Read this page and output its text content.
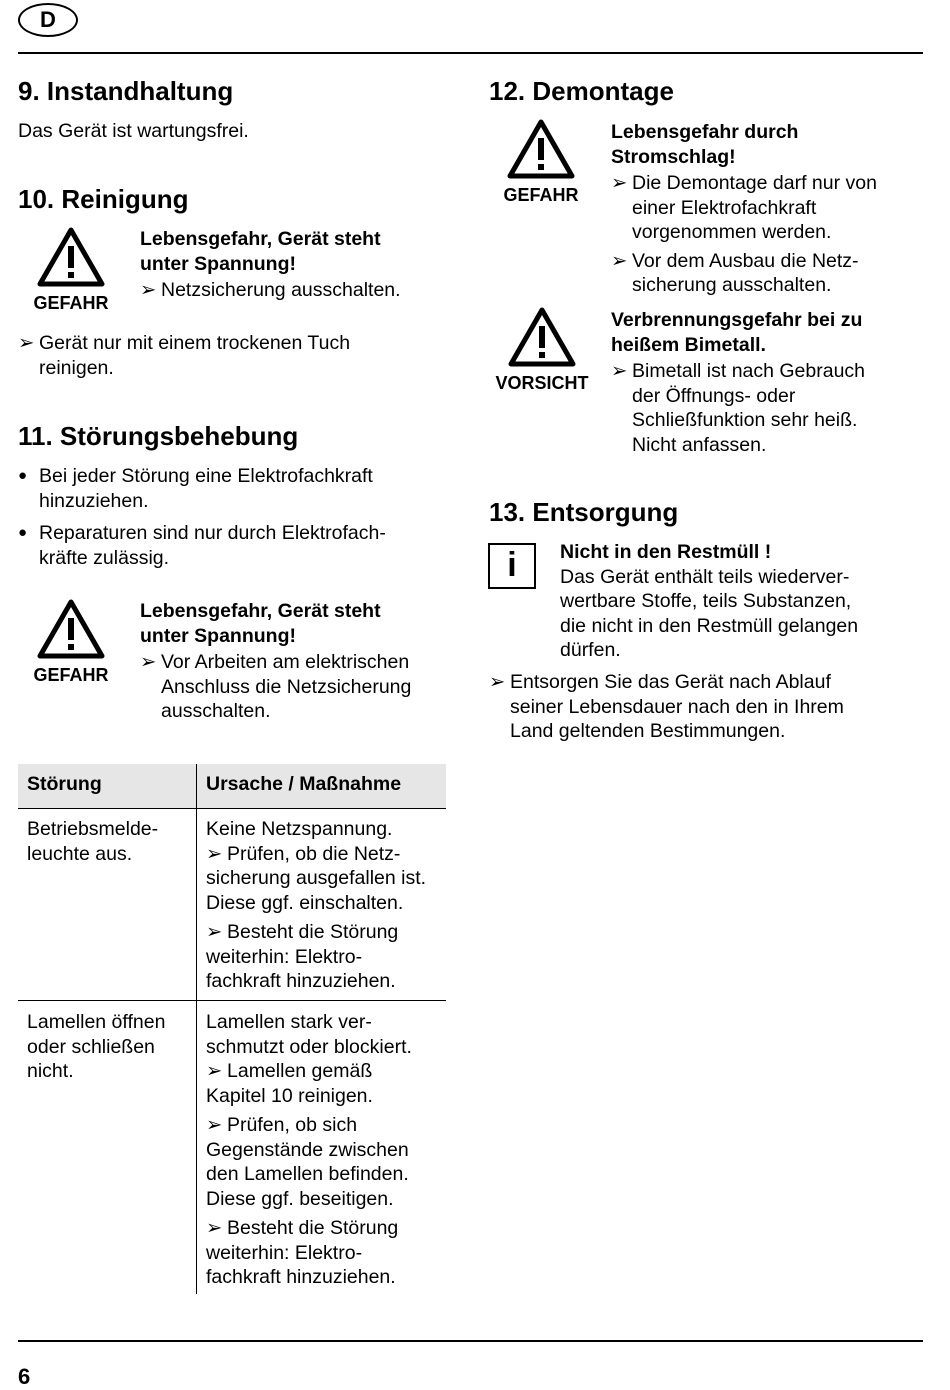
D
9. Instandhaltung
Das Gerät ist wartungsfrei.
10. Reinigung
GEFAHR
Lebensgefahr, Gerät steht
unter Spannung!
➢ Netzsicherung ausschalten.
➢ Gerät nur mit einem trockenen Tuch
reinigen.
11. Störungsbehebung
● Bei jeder Störung eine Elektrofachkraft
hinzuziehen.
● Reparaturen sind nur durch Elektrofach-
kräfte zulässig.
GEFAHR
Lebensgefahr, Gerät steht
unter Spannung!
➢ Vor Arbeiten am elektrischen
Anschluss die Netzsicherung
ausschalten.
12. Demontage
GEFAHR
Lebensgefahr durch
Stromschlag!
➢ Die Demontage darf nur von
einer Elektrofachkraft
vorgenommen werden.
➢ Vor dem Ausbau die Netz-
sicherung ausschalten.
VORSICHT
Verbrennungsgefahr bei zu
heißem Bimetall.
➢ Bimetall ist nach Gebrauch
der Öffnungs- oder
Schließfunktion sehr heiß.
Nicht anfassen.
13. Entsorgung
i	Nicht in den Restmüll !
Das Gerät enthält teils wiederver-
wertbare Stoffe, teils Substanzen,
die nicht in den Restmüll gelangen
dürfen.
➢ Entsorgen Sie das Gerät nach Ablauf
seiner Lebensdauer nach den in Ihrem
Land geltenden Bestimmungen.
Störung	Ursache / Maßnahme
Betriebsmelde-
leuchte aus.
Keine Netzspannung.
➢ Prüfen, ob die Netz-
sicherung ausgefallen ist.
Diese ggf. einschalten.
➢ Besteht die Störung
weiterhin: Elektro-
fachkraft hinzuziehen.
Lamellen öffnen
oder schließen
nicht.
Lamellen stark ver-
schmutzt oder blockiert.
➢ Lamellen gemäß
Kapitel 10 reinigen.
➢ Prüfen, ob sich
Gegenstände zwischen
den Lamellen befinden.
Diese ggf. beseitigen.
➢ Besteht die Störung
weiterhin: Elektro-
fachkraft hinzuziehen.
6
